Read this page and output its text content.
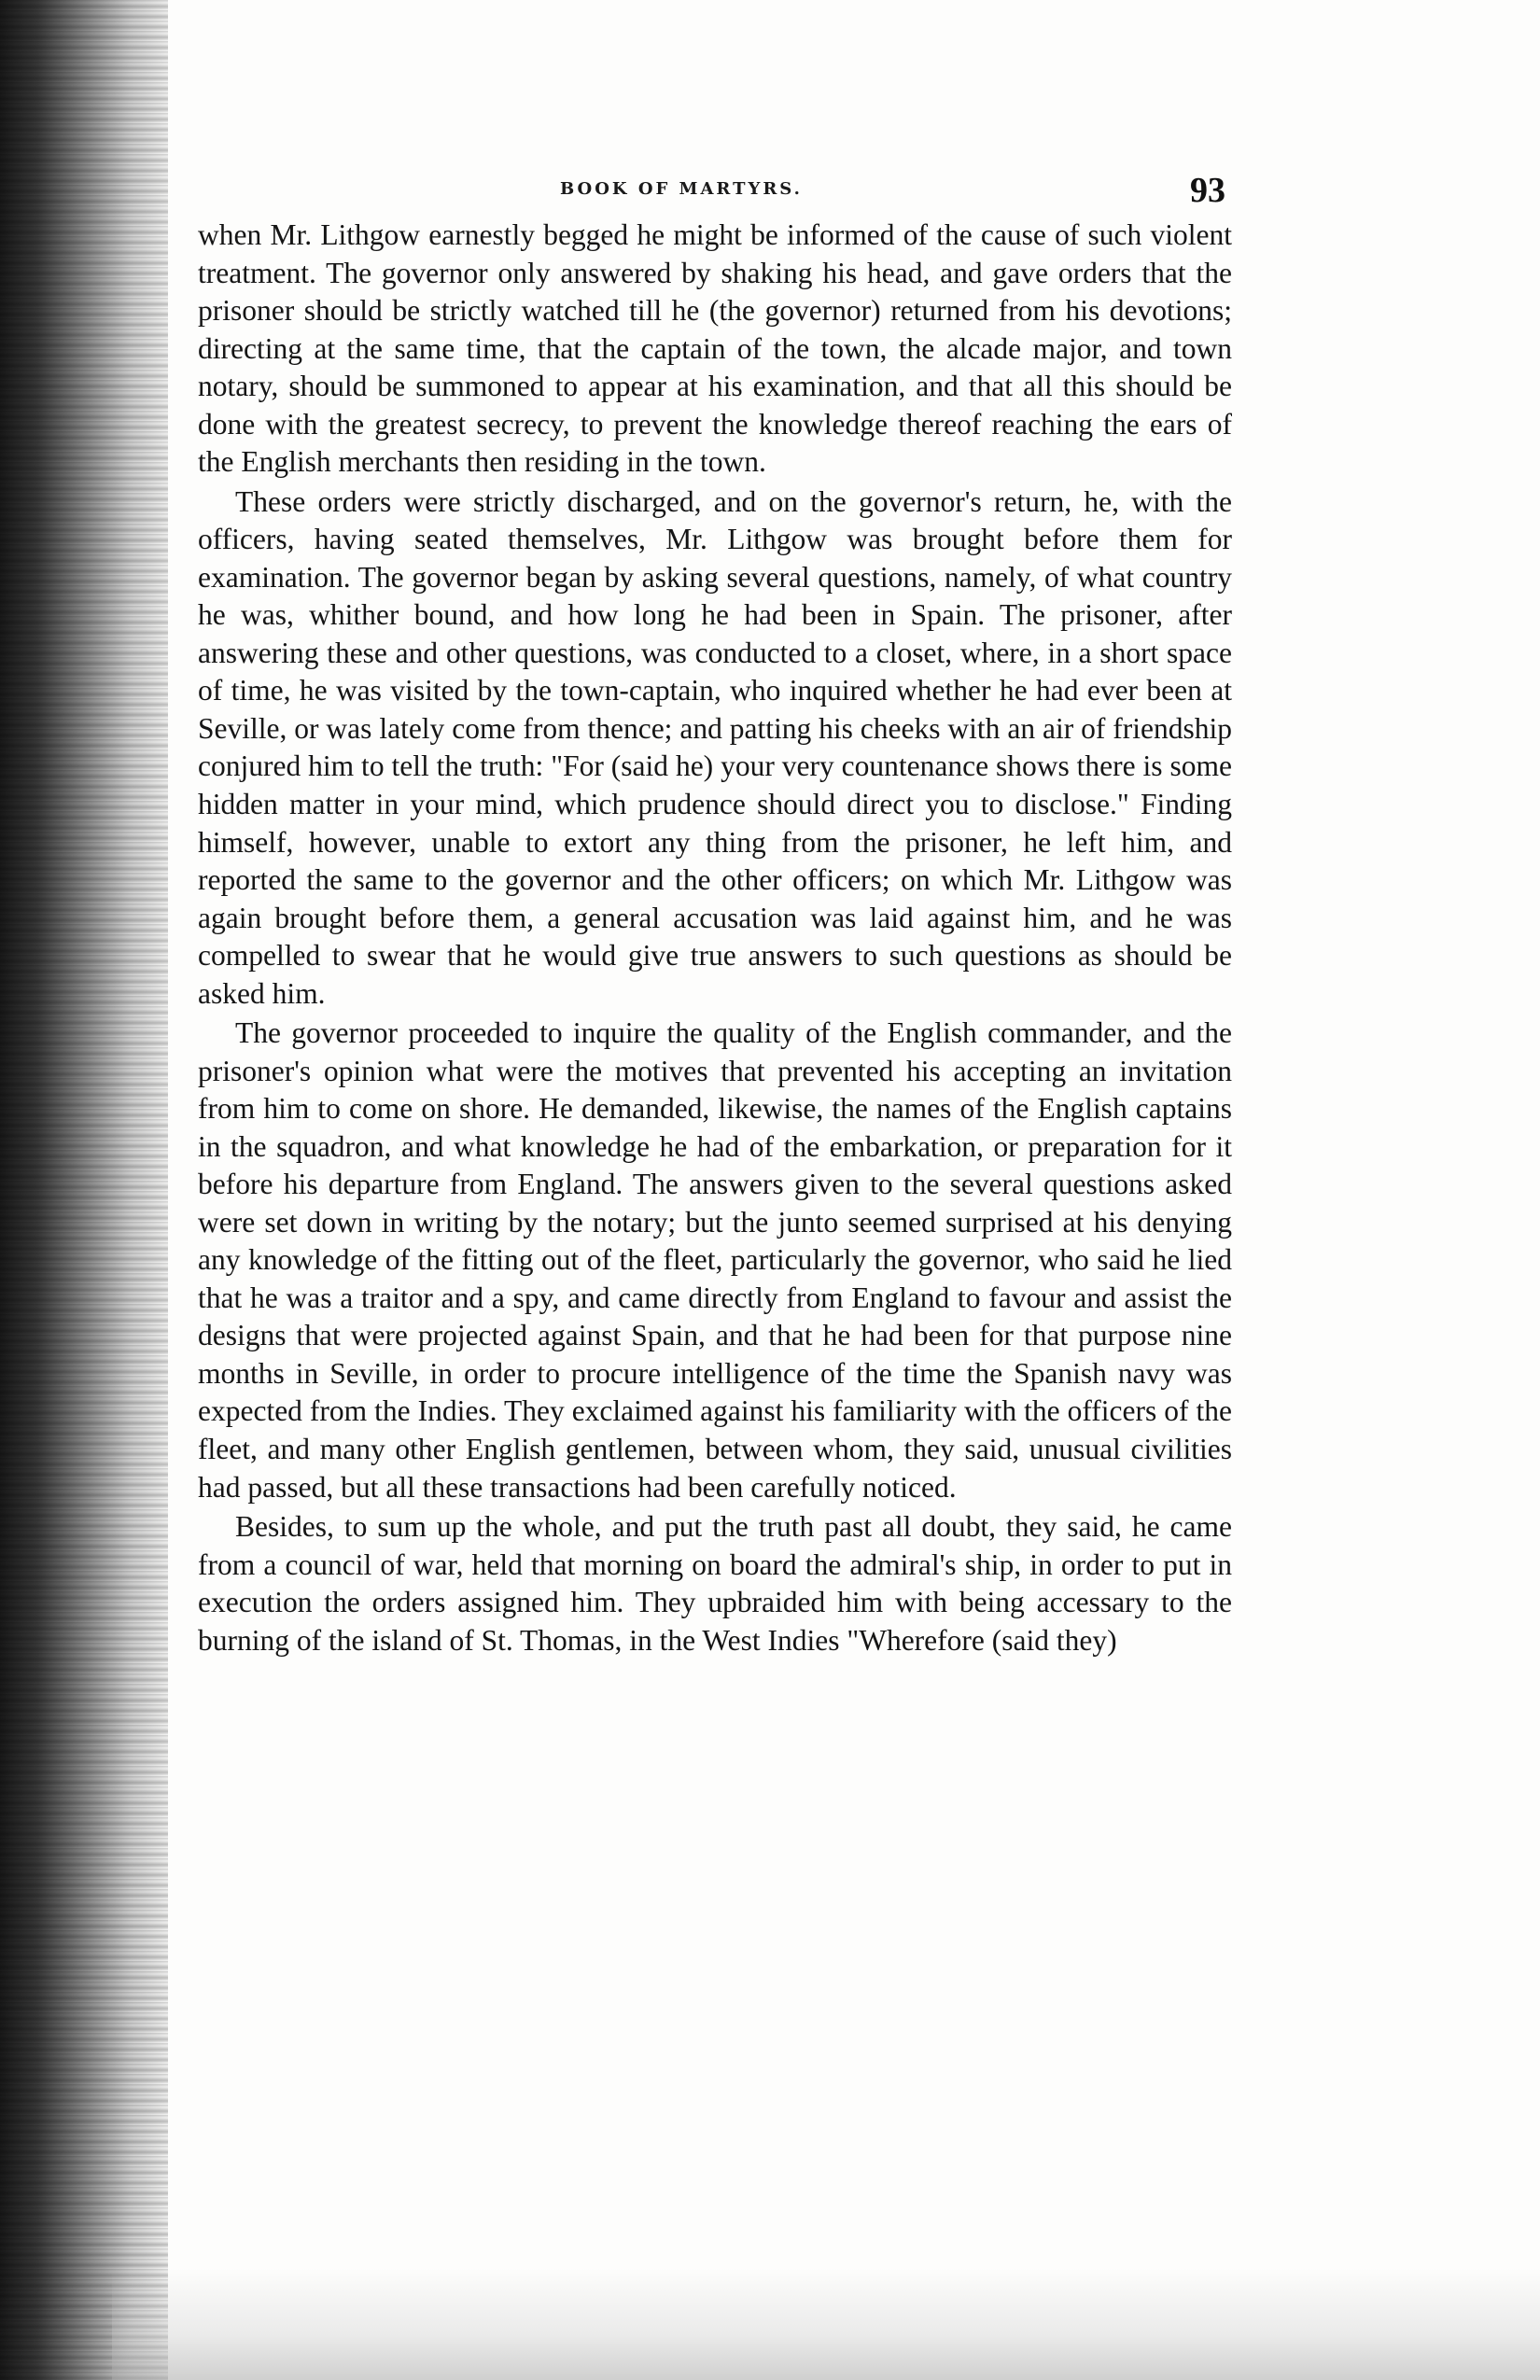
BOOK OF MARTYRS.	93

when Mr. Lithgow earnestly begged he might be informed of the cause of such violent treatment. The governor only answered by shaking his head, and gave orders that the prisoner should be strictly watched till he (the governor) returned from his devotions; directing at the same time, that the captain of the town, the alcade major, and town notary, should be summoned to appear at his examination, and that all this should be done with the greatest secrecy, to prevent the knowledge thereof reaching the ears of the English merchants then residing in the town.

These orders were strictly discharged, and on the governor's return, he, with the officers, having seated themselves, Mr. Lithgow was brought before them for examination. The governor began by asking several questions, namely, of what country he was, whither bound, and how long he had been in Spain. The prisoner, after answering these and other questions, was conducted to a closet, where, in a short space of time, he was visited by the town-captain, who inquired whether he had ever been at Seville, or was lately come from thence; and patting his cheeks with an air of friendship conjured him to tell the truth: "For (said he) your very countenance shows there is some hidden matter in your mind, which prudence should direct you to disclose." Finding himself, however, unable to extort any thing from the prisoner, he left him, and reported the same to the governor and the other officers; on which Mr. Lithgow was again brought before them, a general accusation was laid against him, and he was compelled to swear that he would give true answers to such questions as should be asked him.

The governor proceeded to inquire the quality of the English commander, and the prisoner's opinion what were the motives that prevented his accepting an invitation from him to come on shore. He demanded, likewise, the names of the English captains in the squadron, and what knowledge he had of the embarkation, or preparation for it before his departure from England. The answers given to the several questions asked were set down in writing by the notary; but the junto seemed surprised at his denying any knowledge of the fitting out of the fleet, particularly the governor, who said he lied that he was a traitor and a spy, and came directly from England to favour and assist the designs that were projected against Spain, and that he had been for that purpose nine months in Seville, in order to procure intelligence of the time the Spanish navy was expected from the Indies. They exclaimed against his familiarity with the officers of the fleet, and many other English gentlemen, between whom, they said, unusual civilities had passed, but all these transactions had been carefully noticed.

Besides, to sum up the whole, and put the truth past all doubt, they said, he came from a council of war, held that morning on board the admiral's ship, in order to put in execution the orders assigned him. They upbraided him with being accessary to the burning of the island of St. Thomas, in the West Indies "Wherefore (said they)
